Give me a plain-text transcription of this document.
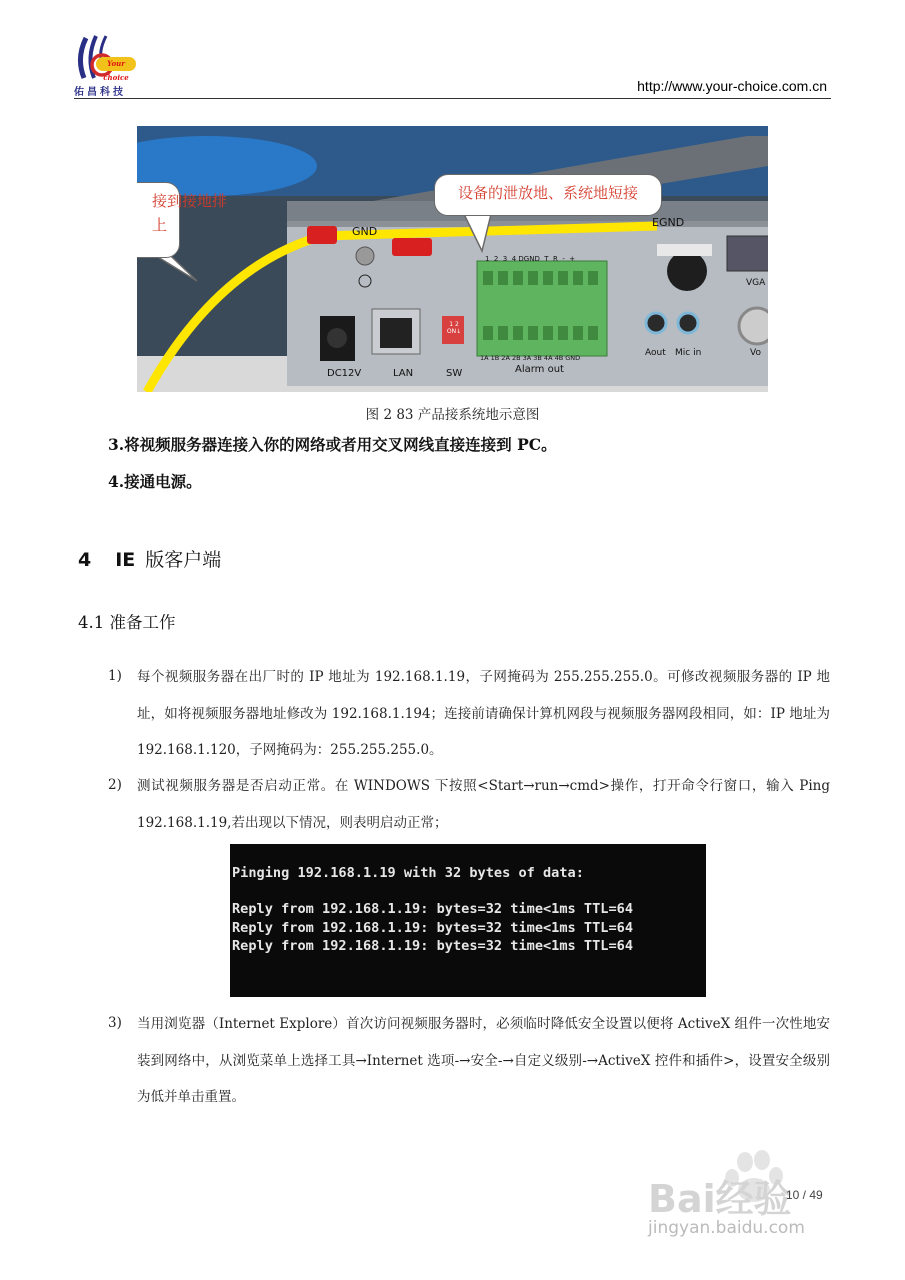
Your choice
佑昌科技	http://www.your-choice.com.cn
GND
EGND
1  2  3  4 DGND  T  R  -  +
1A 1B 2A 2B 3A 3B 4A 4B GND
1 2 ON↓
DC12V	LAN	SW	Alarm out
Aout Mic in
VGA
Vo
接到接地排上
设备的泄放地、系统地短接
图 2 83 产品接系统地示意图
3.将视频服务器连接入你的网络或者用交叉网线直接连接到 PC。
4.接通电源。
4 IE 版客户端
4.1 准备工作
1) 每个视频服务器在出厂时的 IP 地址为 192.168.1.19，子网掩码为 255.255.255.0。可修改视频服务器的 IP 地址，如将视频服务器地址修改为 192.168.1.194；连接前请确保计算机网段与视频服务器网段相同，如：IP 地址为 192.168.1.120，子网掩码为：255.255.255.0。
2) 测试视频服务器是否启动正常。在 WINDOWS 下按照<Start→run→cmd>操作，打开命令行窗口，输入 Ping 192.168.1.19,若出现以下情况，则表明启动正常；
Pinging 192.168.1.19 with 32 bytes of data:
Reply from 192.168.1.19: bytes=32 time<1ms TTL=64
Reply from 192.168.1.19: bytes=32 time<1ms TTL=64
Reply from 192.168.1.19: bytes=32 time<1ms TTL=64
3) 当用浏览器（Internet Explore）首次访问视频服务器时，必须临时降低安全设置以便将 ActiveX 组件一次性地安装到网络中，从浏览菜单上选择工具→Internet 选项-→安全-→自定义级别-→ActiveX 控件和插件>，设置安全级别为低并单击重置。
Bai经验
jingyan.baidu.com
10 / 49
